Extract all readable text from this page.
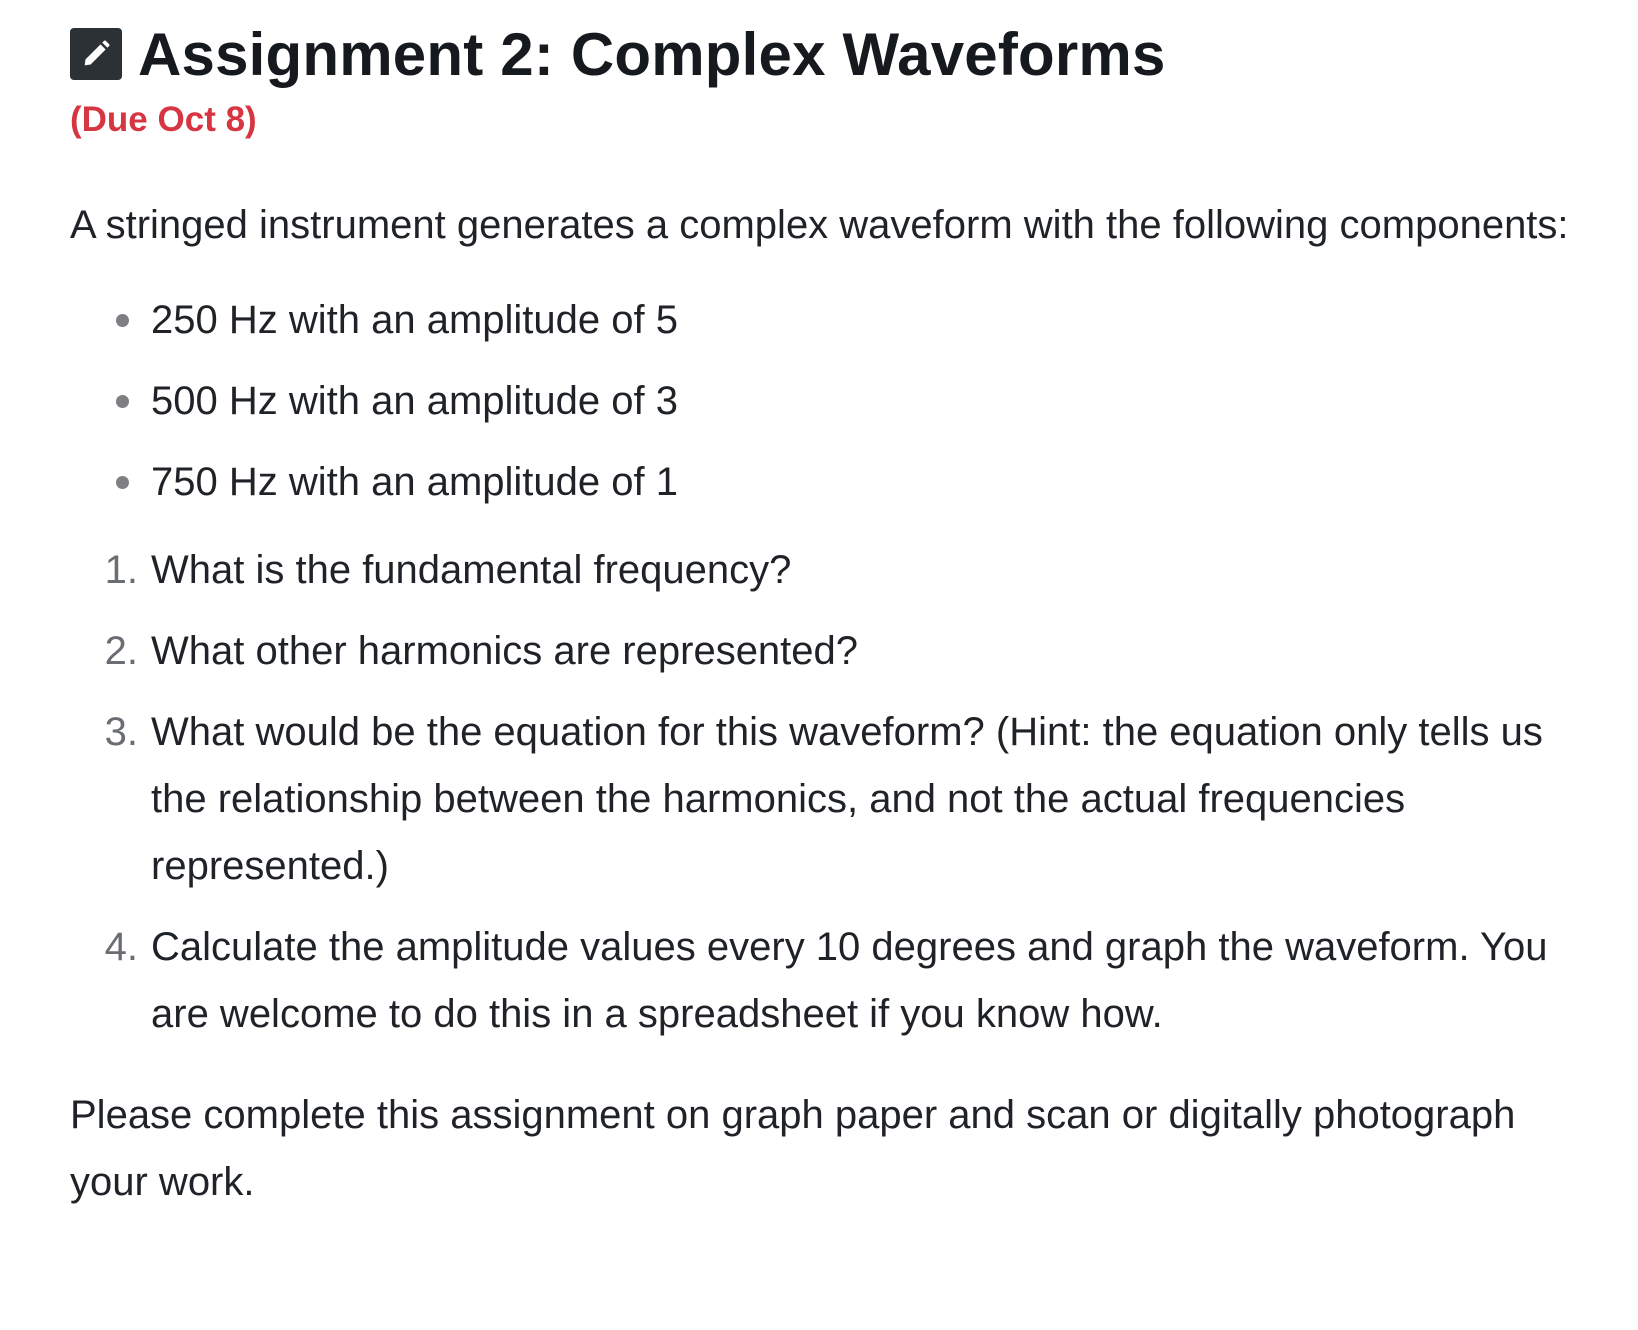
Assignment 2: Complex Waveforms
(Due Oct 8)

A stringed instrument generates a complex waveform with the following components:

250 Hz with an amplitude of 5
500 Hz with an amplitude of 3
750 Hz with an amplitude of 1
1. What is the fundamental frequency?
2. What other harmonics are represented?
3. What would be the equation for this waveform? (Hint: the equation only tells us the relationship between the harmonics, and not the actual frequencies represented.)
4. Calculate the amplitude values every 10 degrees and graph the waveform. You are welcome to do this in a spreadsheet if you know how.

Please complete this assignment on graph paper and scan or digitally photograph your work.
